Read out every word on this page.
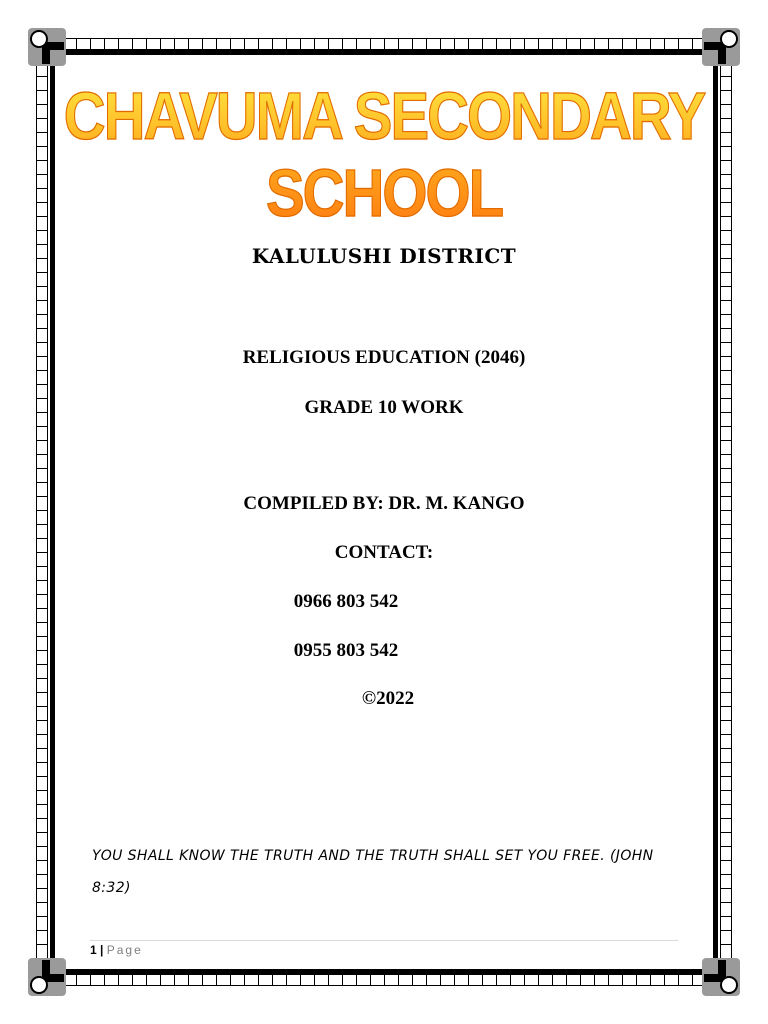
CHAVUMA SECONDARY SCHOOL
KALULUSHI DISTRICT
RELIGIOUS EDUCATION (2046)
GRADE 10 WORK
COMPILED BY: DR. M. KANGO
CONTACT:
0966 803 542
0955 803 542
©2022
YOU SHALL KNOW THE TRUTH AND THE TRUTH SHALL SET YOU FREE. (JOHN 8:32)
1 | Page
